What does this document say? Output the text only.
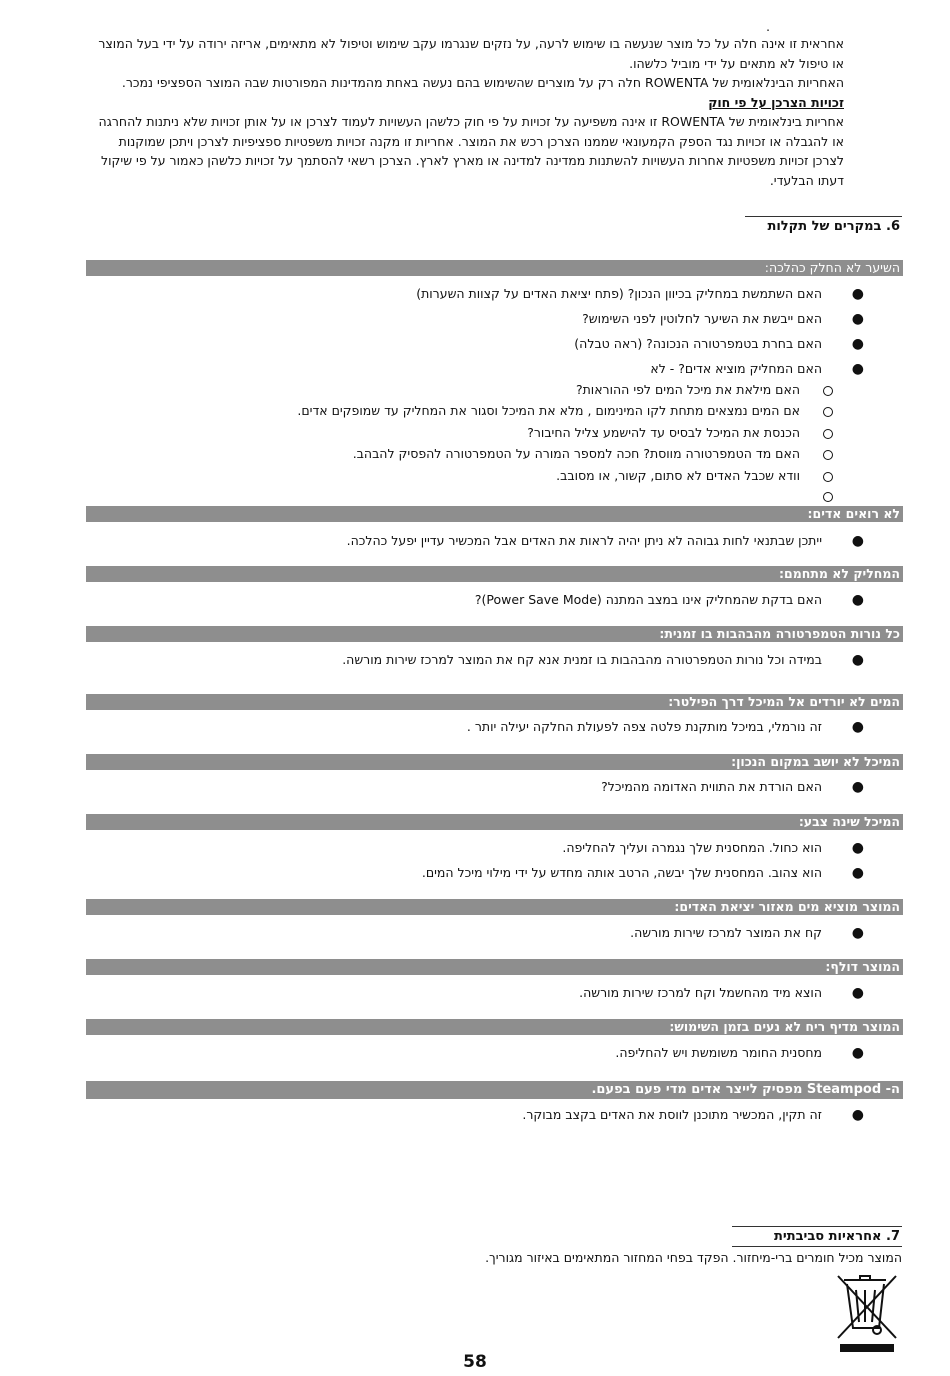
.

אחראית זו אינה חלה על כל מוצר שנעשה בו שימוש לרעה, על נזקים שנגרמו עקב שימוש וטיפול לא מתאימים, אריזה ירודה על ידי בעל המוצר או טיפול לא מתאים על ידי מוביל כלשהו.

האחריות הבינלאומית של ROWENTA חלה רק על מוצרים שהשימוש בהם נעשה באחת מהמדינות המפורטות שבה המוצר הספציפי נמכר.

זכויות הצרכן על פי חוק

אחריות בינלאומית של ROWENTA זו אינה משפיעה על זכויות על פי חוק כלשהן העשויות לעמוד לצרכן או על אותן זכויות שלא ניתנות להחרגה או להגבלה או זכויות נגד הספק הקמעונאי שממנו הצרכן רכש את המוצר. אחריות זו מקנה זכויות משפטיות ספציפיות לצרכן ויתכן שמוקנות לצרכן זכויות משפטיות אחרות העשויות להשתנות ממדינה למדינה או מארץ לארץ. הצרכן רשאי להסתמך על זכויות כלשהן כאמור על פי שיקול דעתו הבלעדי.

6. במקרים של תקלות
השיער לא החלק כהלכה:
●
האם השתמשת במחליק בכיוון הנכון? (פתח יציאת האדים על קצוות השערות)
●
האם ייבשת את השיער לחלוטין לפני השימוש?
●
האם בחרת בטמפרטורה הנכונה? (ראה טבלה)
●
האם המחליק מוציא אדים? - לא
האם מילאת את מיכל המים לפי ההוראות?
אם המים נמצאים מתחת לקו המינימום , מלא את המיכל וסגור את המחליק עד שמופקים אדים.
הכנסת את המיכל לבסיס עד להישמע צליל החיבור?
האם מד הטמפרטורה מווסת? חכה למספר המורה על הטמפרטורה להפסיק להבהב.
וודא שכבל האדים לא סתום, קשור, או מסובב.
לא רואים אדים:
●
ייתכן שבתנאי לחות גבוהה לא ניתן יהיה לראות את האדים אבל המכשיר עדיין יפעל כהלכה.
המחליק לא מתחמם:
●
האם בדקת שהמחליק אינו במצב המתנה (Power Save Mode)?
כל נורות הטמפרטורה מהבהבות בו זמנית:
●
במידה וכל נורות הטמפרטורה מהבהבות בו זמנית אנא קח את המוצר למרכז שירות מורשה.
המים לא יורדים אל המיכל דרך הפילטר:
●
זה נורמלי, במיכל מותקנת פלטה צפה לפעולת החלקה יעילה יותר .
המיכל לא יושב במקום הנכון:
●
האם הורדת את התווית האדומה מהמיכל?
המיכל שינה צבע:
●
הוא כחול. המחסנית שלך נגמרה ועליך להחליפה.
●
הוא צהוב. המחסנית שלך יבשה, הרטב אותה מחדש על ידי מילוי מיכל המים.
המוצר מוציא מים מאזור יציאת האדים:
●
קח את המוצר למרכז שירות מורשה.
המוצר דולף:
●
הוצא מיד מהחשמל וקח למרכז שירות מורשה.
המוצר מדיף ריח לא נעים בזמן השימוש:
●
מחסנית החומר משומשת ויש להחליפה.
ה- Steampod מפסיק לייצר אדים מדי פעם בפעם.
●
זה תקין, המכשיר מתוכנן לווסת את האדים בקצב מבוקר.
7. אחראיות סביבתית
המוצר מכיל חומרים ברי-מיחזור. הפקד בפחי המחזור המתאימים באיזור מגוריך.
58
